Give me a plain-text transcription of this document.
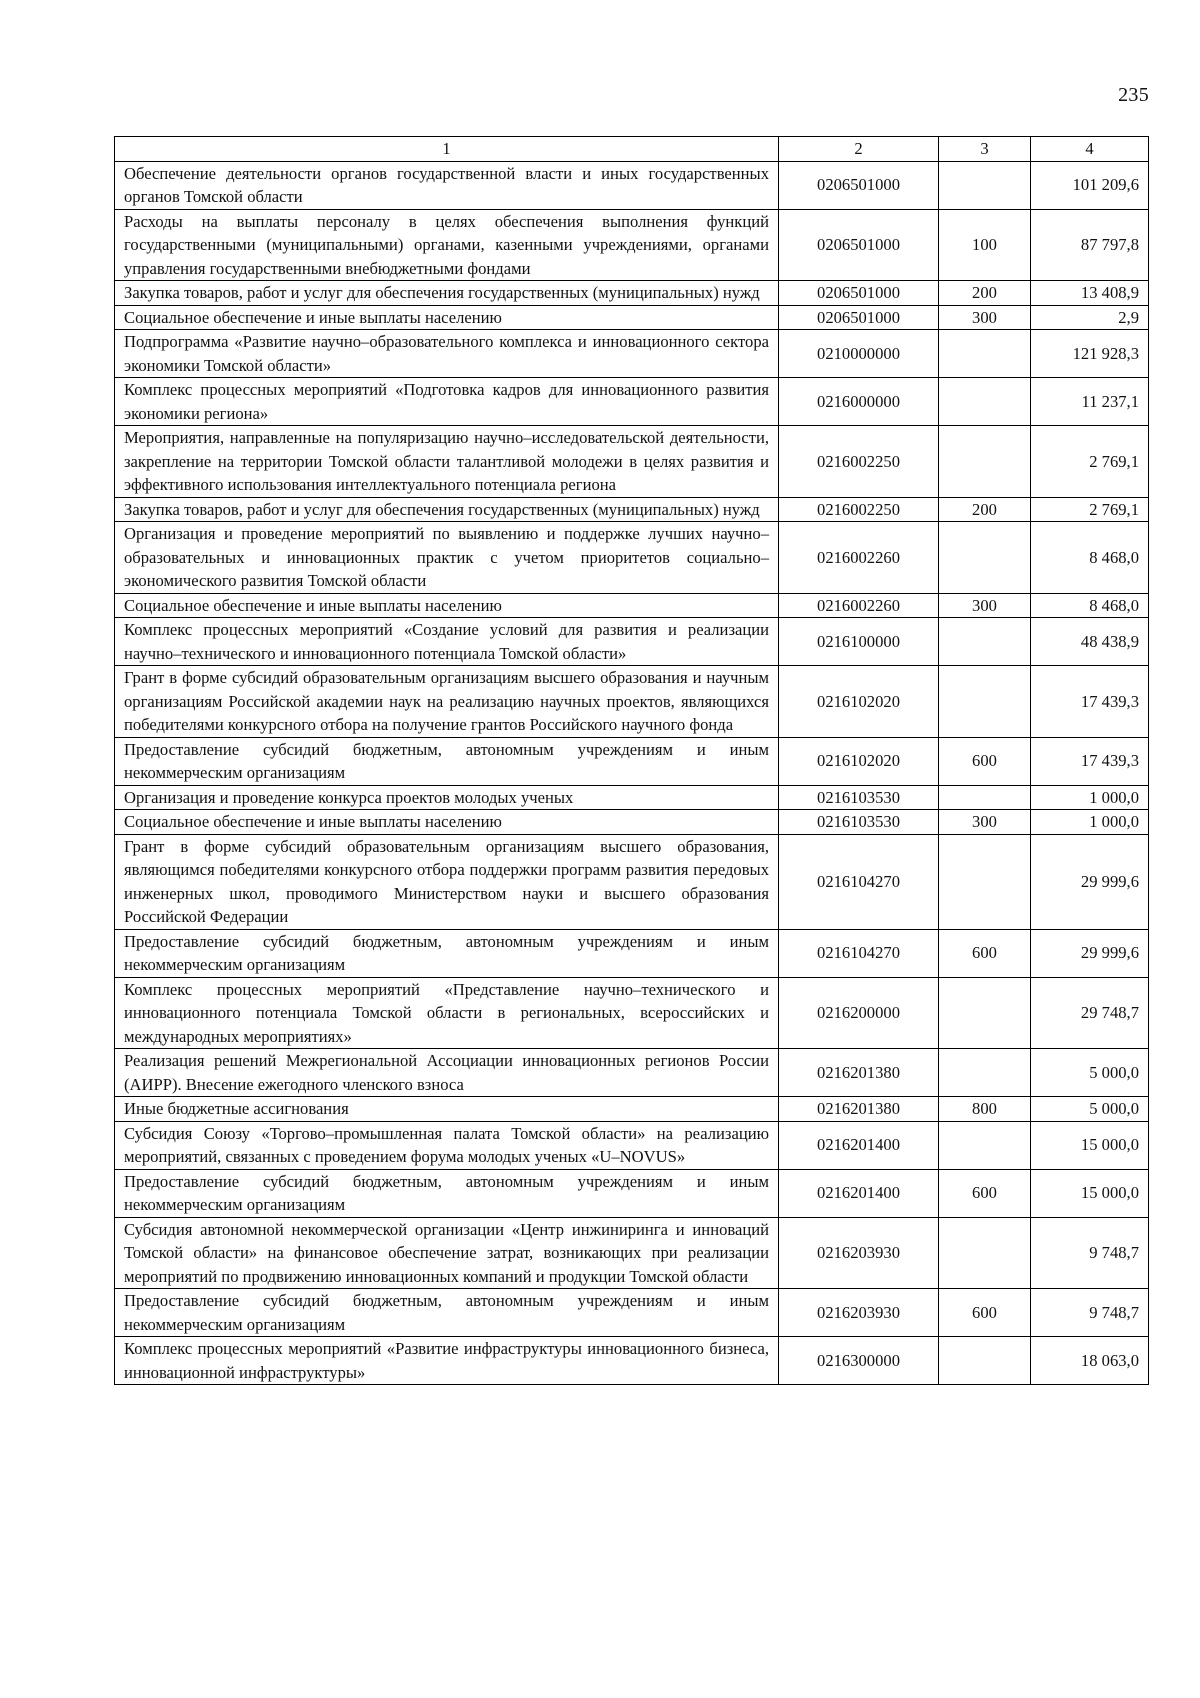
235
1	2	3	4
Обеспечение деятельности органов государственной власти и иных государственных органов Томской области	0206501000		101 209,6
Расходы на выплаты персоналу в целях обеспечения выполнения функций государственными (муниципальными) органами, казенными учреждениями, органами управления государственными внебюджетными фондами	0206501000	100	87 797,8
Закупка товаров, работ и услуг для обеспечения государственных (муниципальных) нужд	0206501000	200	13 408,9
Социальное обеспечение и иные выплаты населению	0206501000	300	2,9
Подпрограмма «Развитие научно–образовательного комплекса и инновационного сектора экономики Томской области»	0210000000		121 928,3
Комплекс процессных мероприятий «Подготовка кадров для инновационного развития экономики региона»	0216000000		11 237,1
Мероприятия, направленные на популяризацию научно–исследовательской деятельности, закрепление на территории Томской области талантливой молодежи в целях развития и эффективного использования интеллектуального потенциала региона	0216002250		2 769,1
Закупка товаров, работ и услуг для обеспечения государственных (муниципальных) нужд	0216002250	200	2 769,1
Организация и проведение мероприятий по выявлению и поддержке лучших научно–образовательных и инновационных практик с учетом приоритетов социально–экономического развития Томской области	0216002260		8 468,0
Социальное обеспечение и иные выплаты населению	0216002260	300	8 468,0
Комплекс процессных мероприятий «Создание условий для развития и реализации научно–технического и инновационного потенциала Томской области»	0216100000		48 438,9
Грант в форме субсидий образовательным организациям высшего образования и научным организациям Российской академии наук на реализацию научных проектов, являющихся победителями конкурсного отбора на получение грантов Российского научного фонда	0216102020		17 439,3
Предоставление субсидий бюджетным, автономным учреждениям и иным некоммерческим организациям	0216102020	600	17 439,3
Организация и проведение конкурса проектов молодых ученых	0216103530		1 000,0
Социальное обеспечение и иные выплаты населению	0216103530	300	1 000,0
Грант в форме субсидий образовательным организациям высшего образования, являющимся победителями конкурсного отбора поддержки программ развития передовых инженерных школ, проводимого Министерством науки и высшего образования Российской Федерации	0216104270		29 999,6
Предоставление субсидий бюджетным, автономным учреждениям и иным некоммерческим организациям	0216104270	600	29 999,6
Комплекс процессных мероприятий «Представление научно–технического и инновационного потенциала Томской области в региональных, всероссийских и международных мероприятиях»	0216200000		29 748,7
Реализация решений Межрегиональной Ассоциации инновационных регионов России (АИРР). Внесение ежегодного членского взноса	0216201380		5 000,0
Иные бюджетные ассигнования	0216201380	800	5 000,0
Субсидия Союзу «Торгово–промышленная палата Томской области» на реализацию мероприятий, связанных с проведением форума молодых ученых «U–NOVUS»	0216201400		15 000,0
Предоставление субсидий бюджетным, автономным учреждениям и иным некоммерческим организациям	0216201400	600	15 000,0
Субсидия автономной некоммерческой организации «Центр инжиниринга и инноваций Томской области» на финансовое обеспечение затрат, возникающих при реализации мероприятий по продвижению инновационных компаний и продукции Томской области	0216203930		9 748,7
Предоставление субсидий бюджетным, автономным учреждениям и иным некоммерческим организациям	0216203930	600	9 748,7
Комплекс процессных мероприятий «Развитие инфраструктуры инновационного бизнеса, инновационной инфраструктуры»	0216300000		18 063,0
